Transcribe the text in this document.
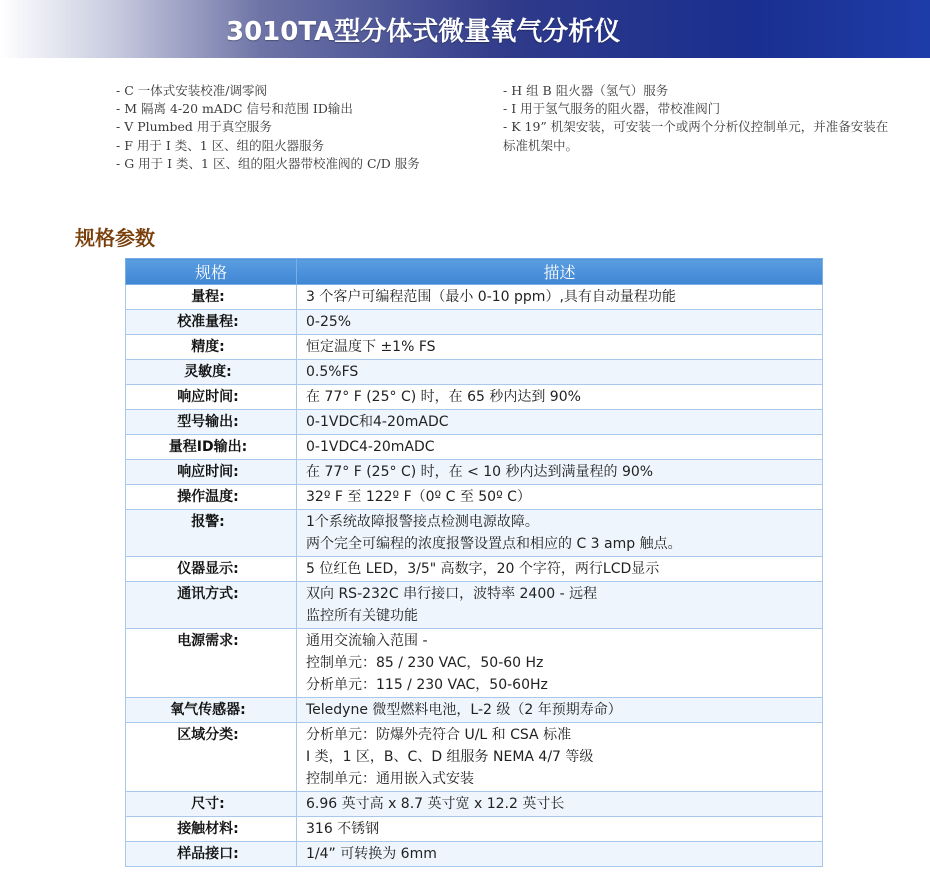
3010TA型分体式微量氧气分析仪
- C 一体式安装校准/调零阀
- M 隔离 4-20 mADC 信号和范围 ID输出
- V Plumbed 用于真空服务
- F 用于 I 类、1 区、组的阻火器服务
- G 用于 I 类、1 区、组的阻火器带校准阀的 C/D 服务
- H 组 B 阻火器（氢气）服务
- I 用于氢气服务的阻火器，带校准阀门
- K 19” 机架安装，可安装一个或两个分析仪控制单元，并准备安装在标准机架中。
规格参数
规格	描述
量程:	3 个客户可编程范围（最小 0-10 ppm）,具有自动量程功能

校准量程:	0-25%

精度:	恒定温度下 ±1% FS

灵敏度:	0.5%FS

响应时间:	在 77° F (25° C) 时，在 65 秒内达到 90%

型号输出:	0-1VDC和4-20mADC

量程ID输出:	0-1VDC4-20mADC

响应时间:	在 77° F (25° C) 时，在 < 10 秒内达到满量程的 90%

操作温度:	32º F 至 122º F（0º C 至 50º C）

报警:	1个系统故障报警接点检测电源故障。
两个完全可编程的浓度报警设置点和相应的 C 3 amp 触点。

仪器显示:	5 位红色 LED，3/5" 高数字，20 个字符，两行LCD显示

通讯方式:	双向 RS-232C 串行接口，波特率 2400 - 远程
监控所有关键功能

电源需求:	通用交流输入范围 -
控制单元：85 / 230 VAC，50-60 Hz
分析单元：115 / 230 VAC，50-60Hz

氧气传感器:	Teledyne 微型燃料电池，L-2 级（2 年预期寿命）

区域分类:	分析单元：防爆外壳符合 U/L 和 CSA 标准
I 类，1 区，B、C、D 组服务 NEMA 4/7 等级
控制单元：通用嵌入式安装

尺寸:	6.96 英寸高 x 8.7 英寸宽 x 12.2 英寸长

接触材料:	316 不锈钢

样品接口:	1/4” 可转换为 6mm
